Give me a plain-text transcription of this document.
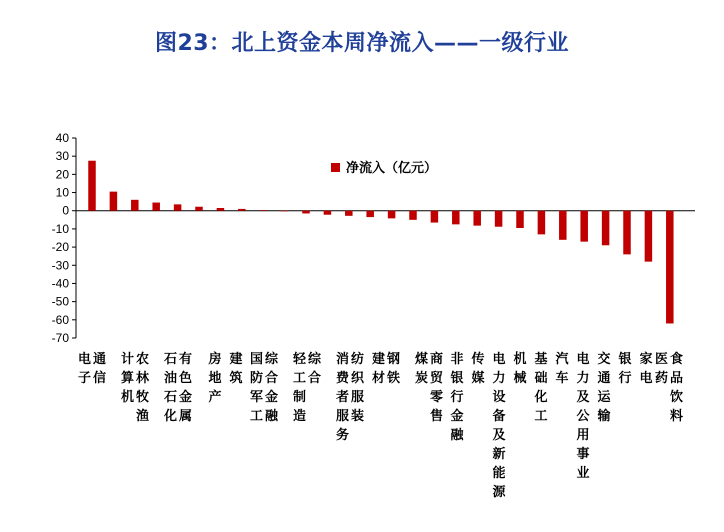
图23：北上资金本周净流入——一级行业
40
30
20
10
0
-10
-20
-30
-40
-50
-60
-70
电子
通信
计算机
农林牧渔
石油石化
有色金属
房地产
建筑
国防军工
综合金融
轻工制造
综合
消费者服务
纺织服装
建材
钢铁
煤炭
商贸零售
非银行金融
传媒
电力设备及新能源
机械
基础化工
汽车
电力及公用事业
交通运输
银行
家电
医药
食品饮料
净流入（亿元）
